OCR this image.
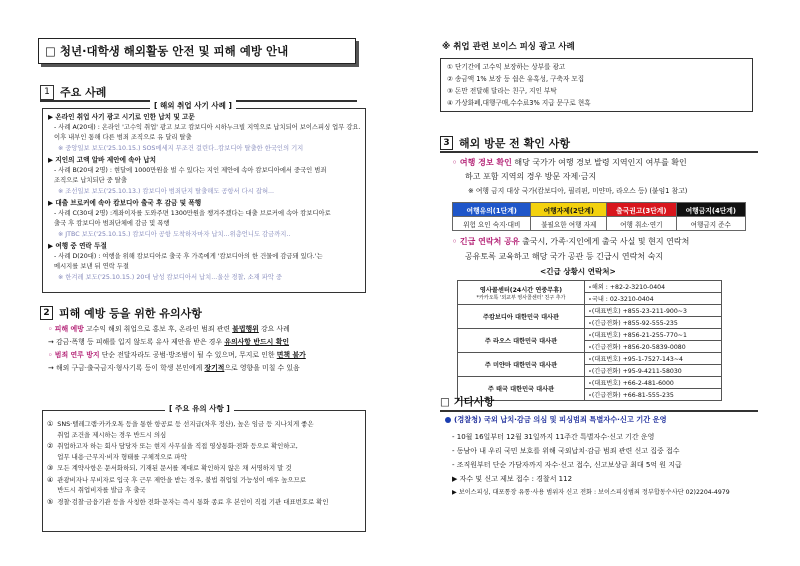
□ 청년·대학생 해외활동 안전 및 피해 예방 안내
1 주요 사례
[ 해외 취업 사기 사례 ]
▶ 온라인 취업 사기 광고 시기로 인한 납치 및 고문
- 사례 A(20대) : 온라인 '고수익 취업' 광고 보고 캄보디아 시하누크빌 지역으로 납치되어 보이스피싱 업무 강요.
이후 내부인 통해 다른 범죄 조직으로 유 달리 탈출
※ 중앙일보 보도('25.10.15.) SOS메세지 무조건 걸린다..캄보디아 탈출한 한국인의 기지
▶ 지인의 고액 알바 제안에 속아 납치
- 사례 B(20대 2명) : 현달에 1000만원을 벌 수 있다는 지인 제안에 속아 캄보디아에서 중국인 범죄
조직으로 납치되단 중 탈출
※ 조선일보 보도('25.10.13.) 캄보디아 범죄단지 탈출해도 공항서 다시 잡혀...
▶ 대출 브로커에 속아 캄보디아 출국 후 감금 및 폭행
- 사례 C(30대 2명) :계좌이자를 도와주면 1300만원을 챙겨주겠다는 대출 브로커에 속아 캄보디아로
출국 후 캄보디아 범죄단체에 감금 및 폭행
※ JTBC 보도('25.10.15.) 캄보디아 공항 도착하자마자 납치...위층언니도 감금까지..
▶ 여행 중 연락 두절
- 사례 D(20대) : 여행을 위해 캄보디아로 출국 후 가족에게 '캄보디아의 한 건물에 감금돼 있다.'는
메시지를 보낸 뒤 연락 두절
※ 한겨레 보도('25.10.15.) 20대 남성 캄보디아서 납치...울산 경찰, 소재 파악 중
2 피해 예방 등을 위한 유의사항
◦ 피해 예방 고수익 해외 취업으로 홍보 후, 온라인 범죄 관련 불법행위 강요 사례
→ 감금·폭행 등 피해를 입지 않도록 유사 제안을 받은 경우 유의사항 반드시 확인
◦ 범죄 연루 방지 단순 전달자라도 공범·방조범이 될 수 있으며, 무지로 인한 면책 불가
→ 해외 구금·출국금지·형사기록 등이 학생 본인에게 장기적으로 영향을 미칠 수 있음
[ 주요 유의 사항 ]
① SNS·텔레그램·카카오톡 등을 통한 항공료 등 선지급(차후 정산), 높은 임금 등 지나치게 좋은
취업 조건을 제시하는 경우 반드시 의심
② 취업하고자 하는 회사 담당자 또는 현지 사무실을 직접 영상통화·전화 등으로 확인하고,
업무 내용·근무지·비자 형태를 구체적으로 파악
③ 모든 계약사항은 문서화하되, 기재된 문서를 제대로 확인하지 않은 채 서명하지 말 것
④ 관광비자나 무비자로 입국 후 근무 제안을 받는 경우, 불법 취업일 가능성이 매우 높으므로
반드시 취업비자를 발급 후 출국
⑤ 경찰·검찰·금융기관 등을 사칭한 전화·문자는 즉시 통화 종료 후 본인이 직접 기관 대표번호로 확인
※ 취업 관련 보이스 피싱 광고 사례
① 단기간에 고수익 보장하는 상부를 광고
② 송금액 1% 보장 등 쉽은 유혹성, 구축자 모집
③ 돈만 전달해 달라는 친구, 지인 부탁
④ 가상화폐,대행구매,수수료3% 지급 문구로 현혹
3 해외 방문 전 확인 사항
◦ 여행 경보 확인 해당 국가가 여행 경보 발령 지역인지 여부를 확인
하고 포함 지역의 경우 방문 자제·금지
※ 여행 금지 대상 국가(캄보디아, 필리핀, 미얀마, 라오스 등) (붙임1 참고)
여행유의(1단계)	여행자제(2단계)	출국권고(3단계)	여행금지(4단계)
위험 요인 숙지·대비	불필요한 여행 자제	여행 취소·연기	여행금지 준수
◦ 긴급 연락처 공유 출국시, 가족·지인에게 출국 사실 및 현지 연락처
공유토록 교육하고 해당 국가 공관 등 긴급시 연락처 숙지
<긴급 상황시 연락처>
영사콜센터(24시간 연중무휴)
*카카오톡 '외교부 영사콜센터' 친구 추가	∘해외 : +82-2-3210-0404
	∘국내 : 02-3210-0404

주캄보디아 대한민국 대사관	∘(대표번호) +855-23-211-900~3
	∘(긴급전화) +855-92-555-235

주 라오스 대한민국 대사관	∘(대표번호) +856-21-255-770~1
	∘(긴급전화) +856-20-5839-0080

주 미얀마 대한민국 대사관	∘(대표번호) +95-1-7527-143~4
	∘(긴급전화) +95-9-4211-58030

주 태국 대한민국 대사관	∘(대표번호) +66-2-481-6000
	∘(긴급전화) +66-81-555-235
□ 기타사항
(경찰청) 국외 납치·감금 의심 및 피싱범죄 특별자수·신고 기간 운영
- 10월 16일부터 12월 31일까지 11주간 특별자수·신고 기간 운영
- 동남아 내 우리 국민 보호를 위해 국외납치·감금 범죄 관련 신고 집중 접수
- 조직원부터 단순 가담자까지 자수·신고 접수, 신고보상금 최대 5억 원 지급
▶ 자수 및 신고 제보 접수 : 경찰서 112
▶ 보이스피싱, 대포통장 유통·사용 범위자 신고 전화 : 보이스피싱범죄 정부합동수사단 02)2204-4979
